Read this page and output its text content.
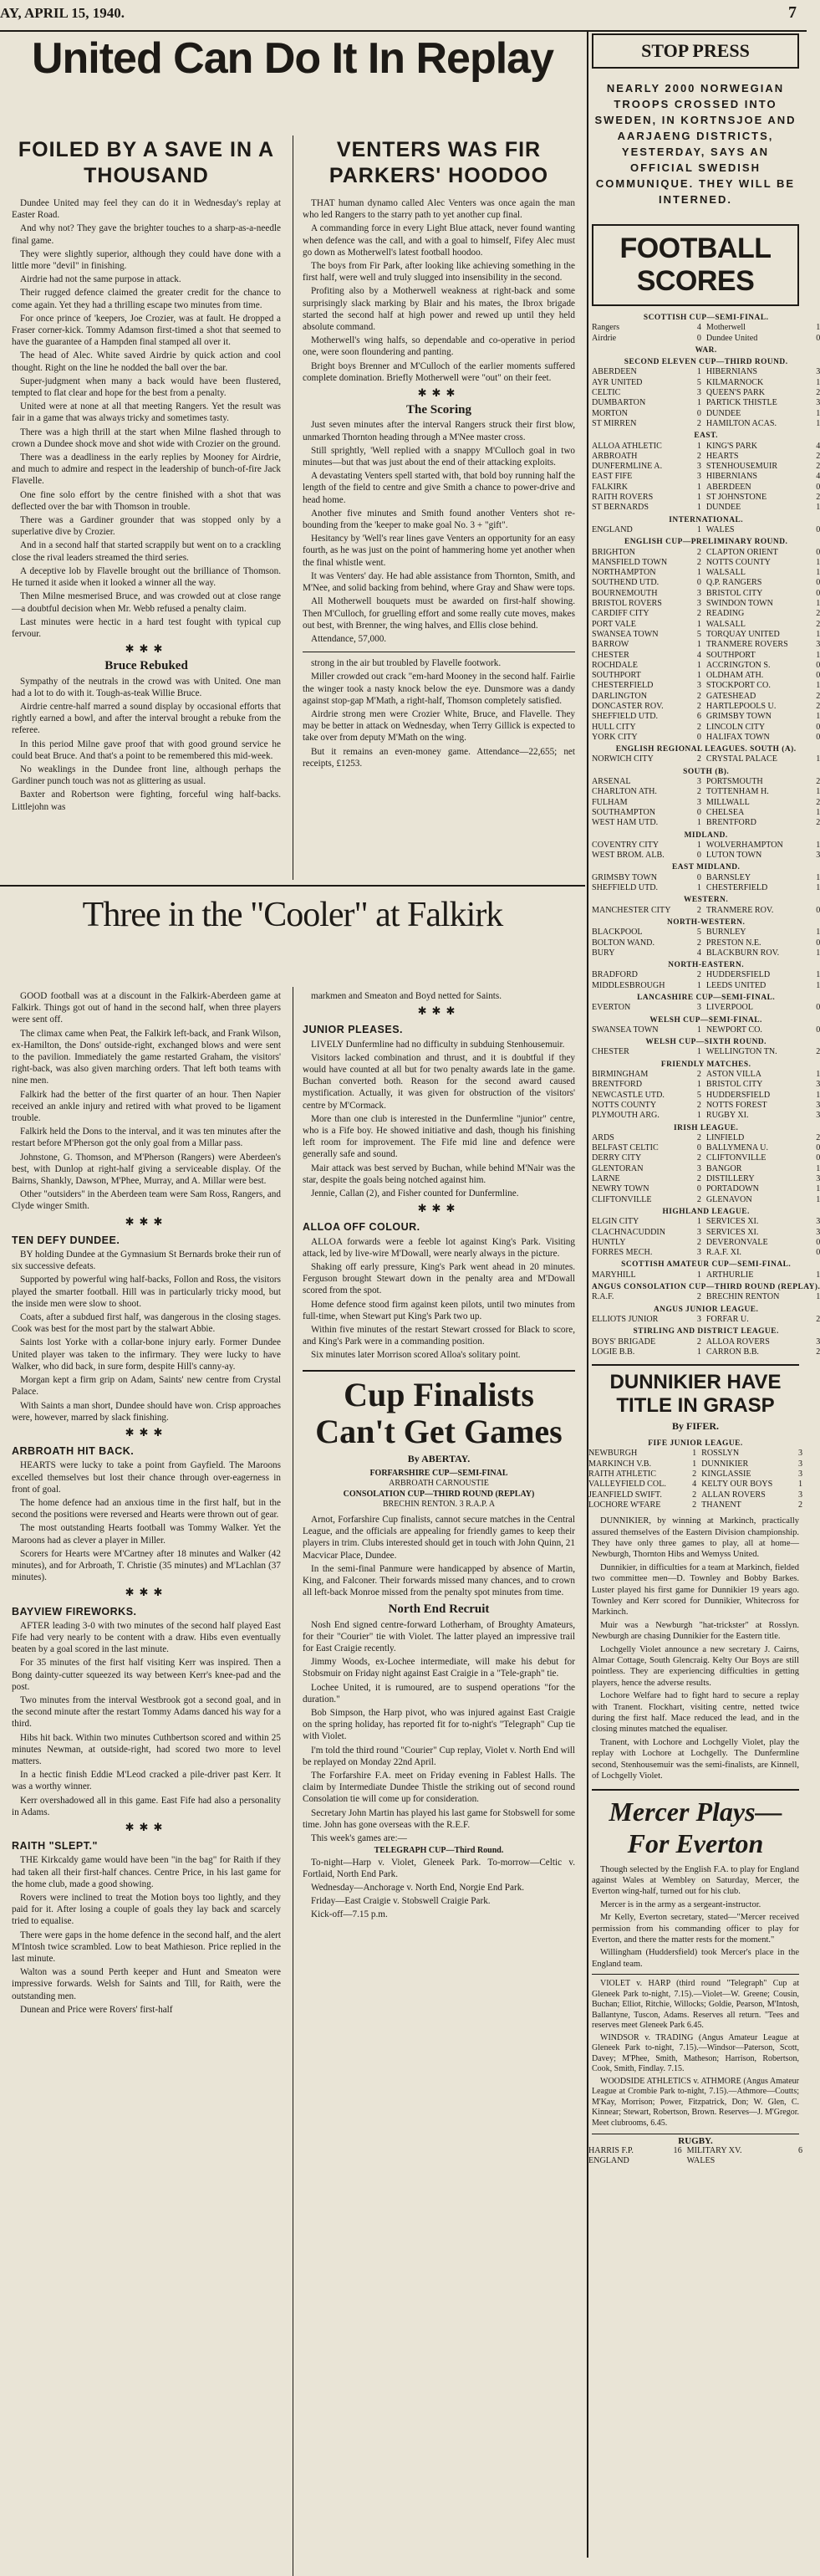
AY, APRIL 15, 1940.	7
United Can Do It In Replay
FOILED BY A SAVE IN A THOUSAND

Dundee United may feel they can do it in Wednesday's replay at Easter Road.

And why not? They gave the brighter touches to a sharp-as-a-needle final game.

They were slightly superior, although they could have done with a little more "devil" in finishing.

Airdrie had not the same purpose in attack.

Their rugged defence claimed the greater credit for the chance to come again. Yet they had a thrilling escape two minutes from time.

For once prince of 'keepers, Joe Crozier, was at fault. He dropped a Fraser corner-kick. Tommy Adamson first-timed a shot that seemed to have the guarantee of a Hampden final stamped all over it.

The head of Alec. White saved Airdrie by quick action and cool thought. Right on the line he nodded the ball over the bar.

Super-judgment when many a back would have been flustered, tempted to flat clear and hope for the best from a penalty.

United were at none at all that meeting Rangers. Yet the result was fair in a game that was always tricky and sometimes tasty.

There was a high thrill at the start when Milne flashed through to crown a Dundee shock move and shot wide with Crozier on the ground.

There was a deadliness in the early replies by Mooney for Airdrie, and much to admire and respect in the leadership of bunch-of-fire Jack Flavelle.

One fine solo effort by the centre finished with a shot that was deflected over the bar with Thomson in trouble.

There was a Gardiner grounder that was stopped only by a superlative dive by Crozier.

And in a second half that started scrappily but went on to a crackling close the rival leaders streamed the third series.

A deceptive lob by Flavelle brought out the brilliance of Thomson. He turned it aside when it looked a winner all the way.

Then Milne mesmerised Bruce, and was crowded out at close range—a doubtful decision when Mr. Webb refused a penalty claim.

Last minutes were hectic in a hard test fought with typical cup fervour.

✱✱✱
Bruce Rebuked

Sympathy of the neutrals in the crowd was with United. One man had a lot to do with it. Tough-as-teak Willie Bruce.

Airdrie centre-half marred a sound display by occasional efforts that rightly earned a bowl, and after the interval brought a rebuke from the referee.

In this period Milne gave proof that with good ground service he could beat Bruce. And that's a point to be remembered this mid-week.

No weaklings in the Dundee front line, although perhaps the Gardiner punch touch was not as glittering as usual.

Baxter and Robertson were fighting, forceful wing half-backs. Littlejohn was

VENTERS WAS FIR PARKERS' HOODOO

THAT human dynamo called Alec Venters was once again the man who led Rangers to the starry path to yet another cup final.

A commanding force in every Light Blue attack, never found wanting when defence was the call, and with a goal to himself, Fifey Alec must go down as Motherwell's latest football hoodoo.

The boys from Fir Park, after looking like achieving something in the first half, were well and truly slugged into insensibility in the second.

Profiting also by a Motherwell weakness at right-back and some surprisingly slack marking by Blair and his mates, the Ibrox brigade started the second half at high power and rewed up until they held absolute command.

Motherwell's wing halfs, so dependable and co-operative in period one, were soon floundering and panting.

Bright boys Brenner and M'Culloch of the earlier moments suffered complete domination. Briefly Motherwell were "out" on their feet.

✱✱✱
The Scoring

Just seven minutes after the interval Rangers struck their first blow, unmarked Thornton heading through a M'Nee master cross.

Still sprightly, 'Well replied with a snappy M'Culloch goal in two minutes—but that was just about the end of their attacking exploits.

A devastating Venters spell started with, that bold boy running half the length of the field to centre and give Smith a chance to power-drive and head home.

Another five minutes and Smith found another Venters shot re-bounding from the 'keeper to make goal No. 3 + "gift".

Hesitancy by 'Well's rear lines gave Venters an opportunity for an easy fourth, as he was just on the point of hammering home yet another when the final whistle went.

It was Venters' day. He had able assistance from Thornton, Smith, and M'Nee, and solid backing from behind, where Gray and Shaw were tops.

All Motherwell bouquets must be awarded on first-half showing. Then M'Culloch, for gruelling effort and some really cute moves, makes out best, with Brenner, the wing halves, and Ellis close behind.

Attendance, 57,000.

strong in the air but troubled by Flavelle footwork.

Miller crowded out crack "em-hard Mooney in the second half. Fairlie the winger took a nasty knock below the eye. Dunsmore was a dandy against stop-gap M'Math, a right-half, Thomson completely satisfied.

Airdrie strong men were Crozier White, Bruce, and Flavelle. They may be better in attack on Wednesday, when Terry Gillick is expected to take over from deputy M'Math on the wing.

But it remains an even-money game. Attendance—22,655; net receipts, £1253.

Three in the "Cooler" at Falkirk

GOOD football was at a discount in the Falkirk-Aberdeen game at Falkirk. Things got out of hand in the second half, when three players were sent off.

The climax came when Peat, the Falkirk left-back, and Frank Wilson, ex-Hamilton, the Dons' outside-right, exchanged blows and were sent to the pavilion. Immediately the game restarted Graham, the visitors' right-back, was also given marching orders. That left both teams with nine men.

Falkirk had the better of the first quarter of an hour. Then Napier received an ankle injury and retired with what proved to be ligament trouble.

Falkirk held the Dons to the interval, and it was ten minutes after the restart before M'Pherson got the only goal from a Millar pass.

Johnstone, G. Thomson, and M'Pherson (Rangers) were Aberdeen's best, with Dunlop at right-half giving a serviceable display. Of the Bairns, Shankly, Dawson, M'Phee, Murray, and A. Millar were best.

Other "outsiders" in the Aberdeen team were Sam Ross, Rangers, and Clyde winger Smith.

✱✱✱
TEN DEFY DUNDEE.

BY holding Dundee at the Gymnasium St Bernards broke their run of six successive defeats.

Supported by powerful wing half-backs, Follon and Ross, the visitors played the smarter football. Hill was in particularly tricky mood, but the inside men were slow to shoot.

Coats, after a subdued first half, was dangerous in the closing stages. Cook was best for the most part by the stalwart Abbie.

Saints lost Yorke with a collar-bone injury early. Former Dundee United player was taken to the infirmary. They were lucky to have Walker, who did back, in sure form, despite Hill's canny-ay.

Morgan kept a firm grip on Adam, Saints' new centre from Crystal Palace.

With Saints a man short, Dundee should have won. Crisp approaches were, however, marred by slack finishing.

✱✱✱
ARBROATH HIT BACK.

HEARTS were lucky to take a point from Gayfield. The Maroons excelled themselves but lost their chance through over-eagerness in front of goal.

The home defence had an anxious time in the first half, but in the second the positions were reversed and Hearts were thrown out of gear.

The most outstanding Hearts football was Tommy Walker. Yet the Maroons had as clever a player in Miller.

Scorers for Hearts were M'Cartney after 18 minutes and Walker (42 minutes), and for Arbroath, T. Christie (35 minutes) and M'Lachlan (37 minutes).

✱✱✱
BAYVIEW FIREWORKS.

AFTER leading 3-0 with two minutes of the second half played East Fife had very nearly to be content with a draw. Hibs even eventually beaten by a goal scored in the last minute.

For 35 minutes of the first half visiting Kerr was inspired. Then a Bong dainty-cutter squeezed its way between Kerr's knee-pad and the post.

Two minutes from the interval Westbrook got a second goal, and in the second minute after the restart Tommy Adams danced his way for a third.

Hibs hit back. Within two minutes Cuthbertson scored and within 25 minutes Newman, at outside-right, had scored two more to level matters.

In a hectic finish Eddie M'Leod cracked a pile-driver past Kerr. It was a worthy winner.

Kerr overshadowed all in this game. East Fife had also a personality in Adams.

✱✱✱
RAITH "SLEPT."

THE Kirkcaldy game would have been "in the bag" for Raith if they had taken all their first-half chances. Centre Price, in his last game for the home club, made a good showing.

Rovers were inclined to treat the Motion boys too lightly, and they paid for it. After losing a couple of goals they lay back and scarcely tried to equalise.

There were gaps in the home defence in the second half, and the alert M'Intosh twice scrambled. Low to beat Mathieson. Price replied in the last minute.

Walton was a sound Perth keeper and Hunt and Smeaton were impressive forwards. Welsh for Saints and Till, for Raith, were the outstanding men.

Dunean and Price were Rovers' first-half

markmen and Smeaton and Boyd netted for Saints.

✱✱✱
JUNIOR PLEASES.

LIVELY Dunfermline had no difficulty in subduing Stenhousemuir.

Visitors lacked combination and thrust, and it is doubtful if they would have counted at all but for two penalty awards late in the game. Buchan converted both. Reason for the second award caused mystification. Actually, it was given for obstruction of the visitors' centre by M'Cormack.

More than one club is interested in the Dunfermline "junior" centre, who is a Fife boy. He showed initiative and dash, though his finishing left room for improvement. The Fife mid line and defence were generally safe and sound.

Mair attack was best served by Buchan, while behind M'Nair was the star, despite the goals being notched against him.

Jennie, Callan (2), and Fisher counted for Dunfermline.

✱✱✱
ALLOA OFF COLOUR.

ALLOA forwards were a feeble lot against King's Park. Visiting attack, led by live-wire M'Dowall, were nearly always in the picture.

Shaking off early pressure, King's Park went ahead in 20 minutes. Ferguson brought Stewart down in the penalty area and M'Dowall scored from the spot.

Home defence stood firm against keen pilots, until two minutes from full-time, when Stewart put King's Park two up.

Within five minutes of the restart Stewart crossed for Black to score, and King's Park were in a commanding position.

Six minutes later Morrison scored Alloa's solitary point.

Cup Finalists Can't Get Games
By ABERTAY.
FORFARSHIRE CUP—SEMI-FINAL
ARBROATH CARNOUSTIE
CONSOLATION CUP—THIRD ROUND (REPLAY)
BRECHIN RENTON. 3 R.A.P. A

Arnot, Forfarshire Cup finalists, cannot secure matches in the Central League, and the officials are appealing for friendly games to keep their players in trim. Clubs interested should get in touch with John Quinn, 21 Macvicar Place, Dundee.

In the semi-final Panmure were handicapped by absence of Martin, King, and Falconer. Their forwards missed many chances, and to crown all left-back Monroe missed from the penalty spot minutes from time.

North End Recruit

Nosh End signed centre-forward Lotherham, of Broughty Amateurs, for their "Courier" tie with Violet. The latter played an impressive trail for East Craigie recently.

Jimmy Woods, ex-Lochee intermediate, will make his debut for Stobsmuir on Friday night against East Craigie in a "Tele-graph" tie.

Lochee United, it is rumoured, are to suspend operations "for the duration."

Bob Simpson, the Harp pivot, who was injured against East Craigie on the spring holiday, has reported fit for to-night's "Telegraph" Cup tie with Violet.

I'm told the third round "Courier" Cup replay, Violet v. North End will be replayed on Monday 22nd April.

The Forfarshire F.A. meet on Friday evening in Fablest Halls. The claim by Intermediate Dundee Thistle the striking out of second round Consolation tie will come up for consideration.

Secretary John Martin has played his last game for Stobswell for some time. John has gone overseas with the R.E.F.

This week's games are:—

TELEGRAPH CUP—Third Round.

To-night—Harp v. Violet, Gleneek Park. To-morrow—Celtic v. Fortlaid, North End Park.

Wednesday—Anchorage v. North End, Norgie End Park.

Friday—East Craigie v. Stobswell Craigie Park.

Kick-off—7.15 p.m.

STOP PRESS
NEARLY 2000 NORWEGIAN TROOPS CROSSED INTO SWEDEN, IN KORTNSJOE AND AARJAENG DISTRICTS, YESTERDAY, SAYS AN OFFICIAL SWEDISH COMMUNIQUE. THEY WILL BE INTERNED.
FOOTBALL SCORES
SCOTTISH CUP—SEMI-FINAL.			
Rangers	4	Motherwell	1
Airdrie	0	Dundee United	0
WAR.			
SECOND ELEVEN CUP—THIRD ROUND.			
ABERDEEN	1	HIBERNIANS	3
AYR UNITED	5	KILMARNOCK	1
CELTIC	3	QUEEN'S PARK	2
DUMBARTON	1	PARTICK THISTLE	3
MORTON	0	DUNDEE	1
ST MIRREN	2	HAMILTON ACAS.	1
EAST.			
ALLOA ATHLETIC	1	KING'S PARK	4
ARBROATH	2	HEARTS	2
DUNFERMLINE A.	3	STENHOUSEMUIR	2
EAST FIFE	3	HIBERNIANS	4
FALKIRK	1	ABERDEEN	0
RAITH ROVERS	1	ST JOHNSTONE	2
ST BERNARDS	1	DUNDEE	1
INTERNATIONAL.			
ENGLAND	1	WALES	0
ENGLISH CUP—PRELIMINARY ROUND.			
BRIGHTON	2	CLAPTON ORIENT	0
MANSFIELD TOWN	2	NOTTS COUNTY	1
NORTHAMPTON	1	WALSALL	1
SOUTHEND UTD.	0	Q.P. RANGERS	0
BOURNEMOUTH	3	BRISTOL CITY	0
BRISTOL ROVERS	3	SWINDON TOWN	1
CARDIFF CITY	2	READING	2
PORT VALE	1	WALSALL	2
SWANSEA TOWN	5	TORQUAY UNITED	1
BARROW	1	TRANMERE ROVERS	3
CHESTER	4	SOUTHPORT	1
ROCHDALE	1	ACCRINGTON S.	0
SOUTHPORT	1	OLDHAM ATH.	0
CHESTERFIELD	3	STOCKPORT CO.	1
DARLINGTON	2	GATESHEAD	2
DONCASTER ROV.	2	HARTLEPOOLS U.	2
SHEFFIELD UTD.	6	GRIMSBY TOWN	1
HULL CITY	2	LINCOLN CITY	0
YORK CITY	0	HALIFAX TOWN	0
ENGLISH REGIONAL LEAGUES. SOUTH (A).			
NORWICH CITY	2	CRYSTAL PALACE	1
SOUTH (B).			
ARSENAL	3	PORTSMOUTH	2
CHARLTON ATH.	2	TOTTENHAM H.	1
FULHAM	3	MILLWALL	2
SOUTHAMPTON	0	CHELSEA	1
WEST HAM UTD.	1	BRENTFORD	2
MIDLAND.			
COVENTRY CITY	1	WOLVERHAMPTON	1
WEST BROM. ALB.	0	LUTON TOWN	3
EAST MIDLAND.			
GRIMSBY TOWN	0	BARNSLEY	1
SHEFFIELD UTD.	1	CHESTERFIELD	1
WESTERN.			
MANCHESTER CITY	2	TRANMERE ROV.	0
NORTH-WESTERN.			
BLACKPOOL	5	BURNLEY	1
BOLTON WAND.	2	PRESTON N.E.	0
BURY	4	BLACKBURN ROV.	1
NORTH-EASTERN.			
BRADFORD	2	HUDDERSFIELD	1
MIDDLESBROUGH	1	LEEDS UNITED	1
LANCASHIRE CUP—SEMI-FINAL.			
EVERTON	3	LIVERPOOL	0
WELSH CUP—SEMI-FINAL.			
SWANSEA TOWN	1	NEWPORT CO.	0
WELSH CUP—SIXTH ROUND.			
CHESTER	1	WELLINGTON TN.	2
FRIENDLY MATCHES.			
BIRMINGHAM	2	ASTON VILLA	1
BRENTFORD	1	BRISTOL CITY	3
NEWCASTLE UTD.	5	HUDDERSFIELD	1
NOTTS COUNTY	2	NOTTS FOREST	3
PLYMOUTH ARG.	1	RUGBY XI.	3
IRISH LEAGUE.			
ARDS	2	LINFIELD	2
BELFAST CELTIC	0	BALLYMENA U.	0
DERRY CITY	2	CLIFTONVILLE	0
GLENTORAN	3	BANGOR	1
LARNE	2	DISTILLERY	3
NEWRY TOWN	0	PORTADOWN	1
CLIFTONVILLE	2	GLENAVON	1
HIGHLAND LEAGUE.			
ELGIN CITY	1	SERVICES XI.	3
CLACHNACUDDIN	3	SERVICES XI.	3
HUNTLY	2	DEVERONVALE	0
FORRES MECH.	3	R.A.F. XI.	0
SCOTTISH AMATEUR CUP—SEMI-FINAL.			
MARYHILL	1	ARTHURLIE	1
ANGUS CONSOLATION CUP—THIRD ROUND (REPLAY).			
R.A.F.	2	BRECHIN RENTON	1
ANGUS JUNIOR LEAGUE.			
ELLIOTS JUNIOR	3	FORFAR U.	2
STIRLING AND DISTRICT LEAGUE.			
BOYS' BRIGADE	2	ALLOA ROVERS	3
LOGIE B.B.	1	CARRON B.B.	2
DUNNIKIER HAVE TITLE IN GRASP
By FIFER.
FIFE JUNIOR LEAGUE.			
NEWBURGH	1	ROSSLYN	3
MARKINCH V.B.	1	DUNNIKIER	3
RAITH ATHLETIC	2	KINGLASSIE	3
VALLEYFIELD COL.	4	KELTY OUR BOYS	1
JEANFIELD SWIFT.	2	ALLAN ROVERS	3
LOCHORE W'FARE	2	THANENT	2

DUNNIKIER, by winning at Markinch, practically assured themselves of the Eastern Division championship. They have only three games to play, all at home—Newburgh, Thornton Hibs and Wemyss United.

Dunnikier, in difficulties for a team at Markinch, fielded two committee men—D. Townley and Bobby Barkes. Luster played his first game for Dunnikier 19 years ago. Townley and Kerr scored for Dunnikier, Whitecross for Markinch.

Muir was a Newburgh "hat-trickster" at Rosslyn. Newburgh are chasing Dunnikier for the Eastern title.

Lochgelly Violet announce a new secretary J. Cairns, Almar Cottage, South Glencraig. Kelty Our Boys are still pointless. They are experiencing difficulties in getting players, hence the adverse results.

Lochore Welfare had to fight hard to secure a replay with Tranent. Flockhart, visiting centre, netted twice during the first half. Mace reduced the lead, and in the closing minutes matched the equaliser.

Tranent, with Lochore and Lochgelly Violet, play the replay with Lochore at Lochgelly. The Dunfermline second, Stenhousemuir was the semi-finalists, are Kinnell, of Lochgelly Violet.

Mercer Plays—For Everton

Though selected by the English F.A. to play for England against Wales at Wembley on Saturday, Mercer, the Everton wing-half, turned out for his club.

Mercer is in the army as a sergeant-instructor.

Mr Kelly, Everton secretary, stated—"Mercer received permission from his commanding officer to play for Everton, and there the matter rests for the moment."

Willingham (Huddersfield) took Mercer's place in the England team.

VIOLET v. HARP (third round "Telegraph" Cup at Gleneek Park to-night, 7.15).—Violet—W. Greene; Cousin, Buchan; Elliot, Ritchie, Willocks; Goldie, Pearson, M'Intosh, Ballantyne, Tuscon, Adams. Reserves all return. "Tees and reserves meet Gleneek Park 6.45.

WINDSOR v. TRADING (Angus Amateur League at Gleneek Park to-night, 7.15).—Windsor—Paterson, Scott, Davey; M'Phee, Smith, Matheson; Harrison, Robertson, Cook, Smith, Findlay. 7.15.

WOODSIDE ATHLETICS v. ATHMORE (Angus Amateur League at Crombie Park to-night, 7.15).—Athmore—Coutts; M'Kay, Morrison; Power, Fitzpatrick, Don; W. Glen, C. Kinnear; Stewart, Robertson, Brown. Reserves—J. M'Gregor. Meet clubrooms, 6.45.

RUGBY.
HARRIS F.P.	16	MILITARY XV.	6
ENGLAND		WALES	
